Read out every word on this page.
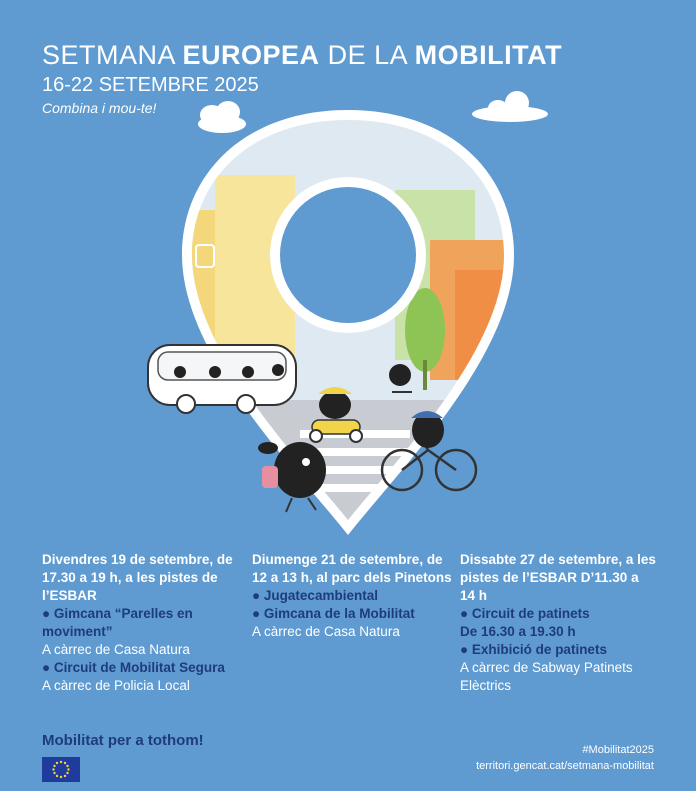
SETMANA EUROPEA DE LA MOBILITAT
16-22 SETEMBRE 2025
Combina i mou-te!
Divendres 19 de setembre, de 17.30 a 19 h, a les pistes de l’ESBAR
● Gimcana “Parelles en moviment”
A càrrec de Casa Natura
● Circuit de Mobilitat Segura
A càrrec de Policia Local
Diumenge 21 de setembre, de 12 a 13 h, al parc dels Pinetons
● Jugatecambiental
● Gimcana de la Mobilitat
A càrrec de Casa Natura
Dissabte 27 de setembre, a les pistes de l’ESBAR D’11.30 a 14 h
● Circuit de patinets
De 16.30 a 19.30 h
● Exhibició de patinets
A càrrec de Sabway Patinets Elèctrics
Mobilitat per a tothom!
#Mobilitat2025
territori.gencat.cat/setmana-mobilitat
